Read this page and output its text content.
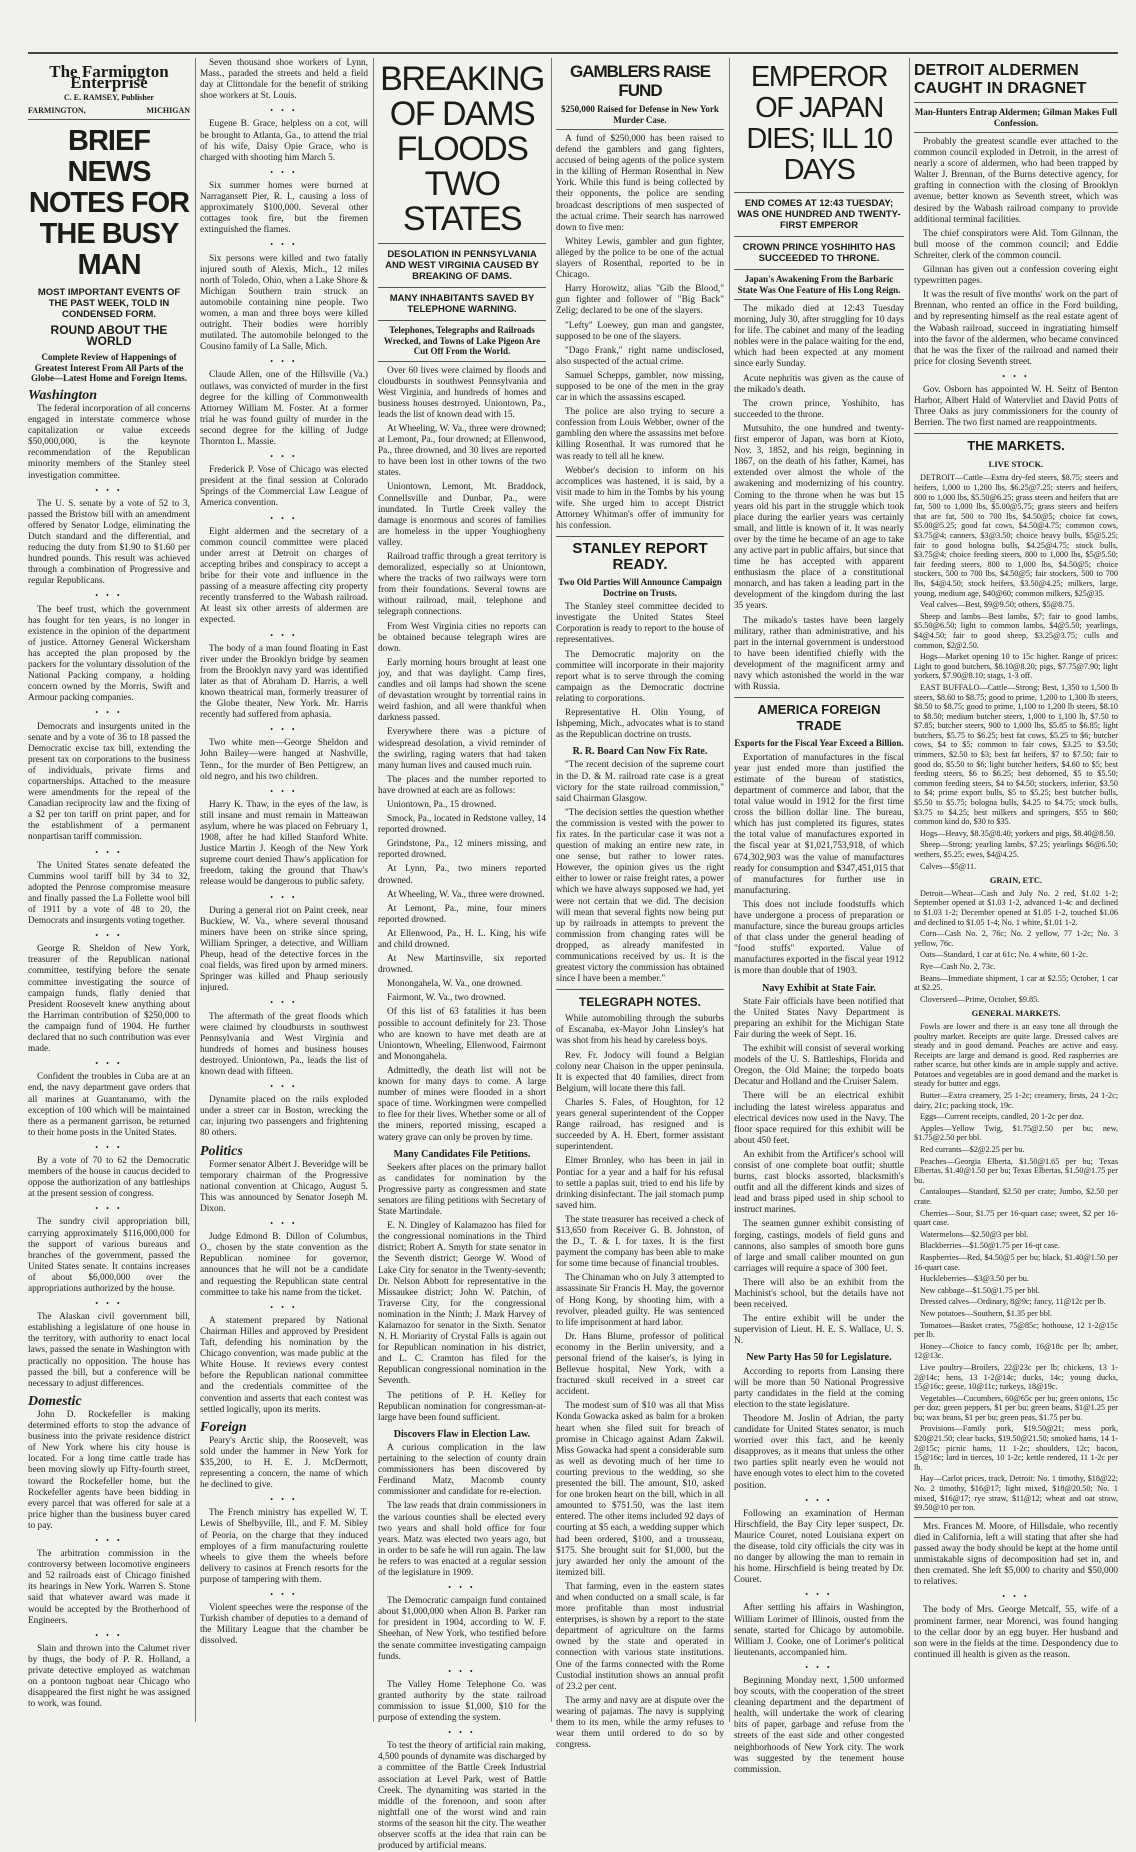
The Farmington Enterprise
C. E. RAMSEY, Publisher
FARMINGTON,	MICHIGAN
BRIEF NEWS NOTES FOR THE BUSY MAN
MOST IMPORTANT EVENTS OF THE PAST WEEK, TOLD IN CONDENSED FORM.
ROUND ABOUT THE WORLD
Complete Review of Happenings of Greatest Interest From All Parts of the Globe—Latest Home and Foreign Items.
Washington

The federal incorporation of all concerns engaged in interstate commerce whose capitalization or value exceeds $50,000,000, is the keynote recommendation of the Republican minority members of the Stanley steel investigation committee.

• • •

The U. S. senate by a vote of 52 to 3, passed the Bristow bill with an amendment offered by Senator Lodge, eliminating the Dutch standard and the differential, and reducing the duty from $1.90 to $1.60 per hundred pounds. This result was achieved through a combination of Progressive and regular Republicans.

• • •

The beef trust, which the government has fought for ten years, is no longer in existence in the opinion of the department of justice. Attorney General Wickersham has accepted the plan proposed by the packers for the voluntary dissolution of the National Packing company, a holding concern owned by the Morris, Swift and Armour packing companies.

• • •

Democrats and insurgents united in the senate and by a vote of 36 to 18 passed the Democratic excise tax bill, extending the present tax on corporations to the business of individuals, private firms and copartnerships. Attached to the measure were amendments for the repeal of the Canadian reciprocity law and the fixing of a $2 per ton tariff on print paper, and for the establishment of a permanent nonpartisan tariff commission.

• • •

The United States senate defeated the Cummins wool tariff bill by 34 to 32, adopted the Penrose compromise measure and finally passed the La Follette wool bill of 1911 by a vote of 48 to 20, the Democrats and insurgents voting together.

• • •

George R. Sheldon of New York, treasurer of the Republican national committee, testifying before the senate committee investigating the source of campaign funds, flatly denied that President Roosevelt knew anything about the Harriman contribution of $250,000 to the campaign fund of 1904. He further declared that no such contribution was ever made.

• • •

Confident the troubles in Cuba are at an end, the navy department gave orders that all marines at Guantanamo, with the exception of 100 which will be maintained there as a permanent garrison, be returned to their home posts in the United States.

• • •

By a vote of 70 to 62 the Democratic members of the house in caucus decided to oppose the authorization of any battleships at the present session of congress.

• • •

The sundry civil appropriation bill, carrying approximately $116,000,000 for the support of various bureaus and branches of the government, passed the United States senate. It contains increases of about $6,000,000 over the appropriations authorized by the house.

• • •

The Alaskan civil government bill, establishing a legislature of one house in the territory, with authority to enact local laws, passed the senate in Washington with practically no opposition. The house has passed the bill, but a conference will be necessary to adjust differences.

Domestic

John D. Rockefeller is making determined efforts to stop the advance of business into the private residence district of New York where his city house is located. For a long time cattle trade has been moving slowly up Fifty-fourth street, toward the Rockefeller home, but the Rockefeller agents have been bidding in every parcel that was offered for sale at a price higher than the business buyer cared to pay.

• • •

The arbitration commission in the controversy between locomotive engineers and 52 railroads east of Chicago finished its hearings in New York. Warren S. Stone said that whatever award was made it would be accepted by the Brotherhood of Engineers.

• • •

Slain and thrown into the Calumet river by thugs, the body of P. R. Holland, a private detective employed as watchman on a pontoon tugboat near Chicago who disappeared the first night he was assigned to work, was found.

Seven thousand shoe workers of Lynn, Mass., paraded the streets and held a field day at Clittondale for the benefit of striking shoe workers at St. Louis.

• • •

Eugene B. Grace, helpless on a cot, will be brought to Atlanta, Ga., to attend the trial of his wife, Daisy Opie Grace, who is charged with shooting him March 5.

• • •

Six summer homes were burned at Narragansett Pier, R. I., causing a loss of approximately $100,000. Several other cottages took fire, but the firemen extinguished the flames.

• • •

Six persons were killed and two fatally injured south of Alexis, Mich., 12 miles north of Toledo, Ohio, when a Lake Shore & Michigan Southern train struck an automobile containing nine people. Two women, a man and three boys were killed outright. Their bodies were horribly mutilated. The automobile belonged to the Cousino family of La Salle, Mich.

• • •

Claude Allen, one of the Hillsville (Va.) outlaws, was convicted of murder in the first degree for the killing of Commonwealth Attorney William M. Foster. At a former trial he was found guilty of murder in the second degree for the killing of Judge Thornton L. Massie.

• • •

Frederick P. Vose of Chicago was elected president at the final session at Colorado Springs of the Commercial Law League of America convention.

• • •

Eight aldermen and the secretary of a common council committee were placed under arrest at Detroit on charges of accepting bribes and conspiracy to accept a bribe for their vote and influence in the passing of a measure affecting city property recently transferred to the Wabash railroad. At least six other arrests of aldermen are expected.

• • •

The body of a man found floating in East river under the Brooklyn bridge by seamen from the Brooklyn navy yard was identified later as that of Abraham D. Harris, a well known theatrical man, formerly treasurer of the Globe theater, New York. Mr. Harris recently had suffered from aphasia.

• • •

Two white men—George Sheldon and John Bailey—were hanged at Nashville, Tenn., for the murder of Ben Pettigrew, an old negro, and his two children.

• • •

Harry K. Thaw, in the eyes of the law, is still insane and must remain in Matteawan asylum, where he was placed on February 1, 1908, after he had killed Stanford White. Justice Martin J. Keogh of the New York supreme court denied Thaw's application for freedom, taking the ground that Thaw's release would be dangerous to public safety.

• • •

During a general riot on Paint creek, near Buckiew, W. Va., where several thousand miners have been on strike since spring, William Springer, a detective, and William Pheup, head of the detective forces in the coal fields, was fired upon by armed miners. Springer was killed and Phaup seriously injured.

• • •

The aftermath of the great floods which were claimed by cloudbursts in southwest Pennsylvania and West Virginia and hundreds of homes and business houses destroyed. Uniontown, Pa., leads the list of known dead with fifteen.

• • •

Dynamite placed on the rails exploded under a street car in Boston, wrecking the car, injuring two passengers and frightening 80 others.

Politics

Former senator Albert J. Beveridge will be temporary chairman of the Progressive national convention at Chicago, August 5. This was announced by Senator Joseph M. Dixon.

• • •

Judge Edmond B. Dillon of Columbus, O., chosen by the state convention as the Republican nominee for governor, announces that he will not be a candidate and requesting the Republican state central committee to take his name from the ticket.

• • •

A statement prepared by National Chairman Hilles and approved by President Taft, defending his nomination by the Chicago convention, was made public at the White House. It reviews every contest before the Republican national committee and the credentials committee of the convention and asserts that each contest was settled logically, upon its merits.

Foreign

Peary's Arctic ship, the Roosevelt, was sold under the hammer in New York for $35,200, to H. E. J. McDermott, representing a concern, the name of which he declined to give.

• • •

The French ministry has expelled W. T. Lewis of Shelbyville, Ill., and F. M. Sibley of Peoria, on the charge that they induced employes of a firm manufacturing roulette wheels to give them the wheels before delivery to casinos at French resorts for the purpose of tampering with them.

• • •

Violent speeches were the response of the Turkish chamber of deputies to a demand of the Military League that the chamber be dissolved.

BREAKING OF DAMS FLOODS TWO STATES
DESOLATION IN PENNSYLVANIA AND WEST VIRGINIA CAUSED BY BREAKING OF DAMS.
MANY INHABITANTS SAVED BY TELEPHONE WARNING.
Telephones, Telegraphs and Railroads Wrecked, and Towns of Lake Pigeon Are Cut Off From the World.

Over 60 lives were claimed by floods and cloudbursts in southwest Pennsylvania and West Virginia, and hundreds of homes and business houses destroyed. Uniontown, Pa., leads the list of known dead with 15.

At Wheeling, W. Va., three were drowned; at Lemont, Pa., four drowned; at Ellenwood, Pa., three drowned, and 30 lives are reported to have been lost in other towns of the two states.

Uniontown, Lemont, Mt. Braddock, Connellsville and Dunbar, Pa., were inundated. In Turtle Creek valley the damage is enormous and scores of families are homeless in the upper Youghiogheny valley.

Railroad traffic through a great territory is demoralized, especially so at Uniontown, where the tracks of two railways were torn from their foundations. Several towns are without railroad, mail, telephone and telegraph connections.

From West Virginia cities no reports can be obtained because telegraph wires are down.

Early morning hours brought at least one joy, and that was daylight. Camp fires, candles and oil lamps had shown the scene of devastation wrought by torrential rains in weird fashion, and all were thankful when darkness passed.

Everywhere there was a picture of widespread desolation, a vivid reminder of the swirling, raging waters that had taken many human lives and caused much ruin.

The places and the number reported to have drowned at each are as follows:

Uniontown, Pa., 15 drowned.

Smock, Pa., located in Redstone valley, 14 reported drowned.

Grindstone, Pa., 12 miners missing, and reported drowned.

At Lynn, Pa., two miners reported drowned.

At Wheeling, W. Va., three were drowned.

At Lemont, Pa., mine, four miners reported drowned.

At Ellenwood, Pa., H. L. King, his wife and child drowned.

At New Martinsville, six reported drowned.

Monongahela, W. Va., one drowned.

Fairmont, W. Va., two drowned.

Of this list of 63 fatalities it has been possible to account definitely for 23. Those who are known to have met death are at Uniontown, Wheeling, Ellenwood, Fairmont and Monongahela.

Admittedly, the death list will not be known for many days to come. A large number of mines were flooded in a short space of time. Workingmen were compelled to flee for their lives. Whether some or all of the miners, reported missing, escaped a watery grave can only be proven by time.

Many Candidates File Petitions.

Seekers after places on the primary ballot as candidates for nomination by the Progressive party as congressmen and state senators are filing petitions with Secretary of State Martindale.

E. N. Dingley of Kalamazoo has filed for the congressional nominations in the Third district; Robert A. Smyth for state senator in the Seventh district; George W. Wood of Lake City for senator in the Twenty-seventh; Dr. Nelson Abbott for representative in the Missaukee district; John W. Patchin, of Traverse City, for the congressional nomination in the Ninth; J. Mark Harvey of Kalamazoo for senator in the Sixth. Senator N. H. Moriarity of Crystal Falls is again out for Republican nomination in his district, and L. C. Cramton has filed for the Republican congressional nomination in the Seventh.

The petitions of P. H. Kelley for Republican nomination for congressman-at-large have been found sufficient.

Discovers Flaw in Election Law.

A curious complication in the law pertaining to the selection of county drain commissioners has been discovered by Ferdinand Matz, Macomb county commissioner and candidate for re-election.

The law reads that drain commissioners in the various counties shall be elected every two years and shall hold office for four years. Matz was elected two years ago, but in order to be safe he will run again. The law he refers to was enacted at a regular session of the legislature in 1909.

• • •

The Democratic campaign fund contained about $1,000,000 when Alton B. Parker ran for president in 1904, according to W. F. Sheehan, of New York, who testified before the senate committee investigating campaign funds.

• • •

The Valley Home Telephone Co. was granted authority by the state railroad commission to issue $1,000, $10 for the purpose of extending the system.

• • •

To test the theory of artificial rain making, 4,500 pounds of dynamite was discharged by a committee of the Battle Creek Industrial association at Level Park, west of Battle Creek. The dynamiting was started in the middle of the forenoon, and soon after nightfall one of the worst wind and rain storms of the season hit the city. The weather observer scoffs at the idea that rain can be produced by artificial means.

GAMBLERS RAISE FUND
$250,000 Raised for Defense in New York Murder Case.

A fund of $250,000 has been raised to defend the gamblers and gang fighters, accused of being agents of the police system in the killing of Herman Rosenthal in New York. While this fund is being collected by their opponents, the police are sending broadcast descriptions of men suspected of the actual crime. Their search has narrowed down to five men:

Whitey Lewis, gambler and gun fighter, alleged by the police to be one of the actual slayers of Rosenthal, reported to be in Chicago.

Harry Horowitz, alias "Gib the Blood," gun fighter and follower of "Big Back" Zelig; declared to be one of the slayers.

"Lefty" Loewey, gun man and gangster, supposed to be one of the slayers.

"Dago Frank," right name undisclosed, also suspected of the actual crime.

Samuel Schepps, gambler, now missing, supposed to be one of the men in the gray car in which the assassins escaped.

The police are also trying to secure a confession from Louis Webber, owner of the gambling den where the assassins met before killing Rosenthal. It was rumored that he was ready to tell all he knew.

Webber's decision to inform on his accomplices was hastened, it is said, by a visit made to him in the Tombs by his young wife. She urged him to accept District Attorney Whitman's offer of immunity for his confession.

STANLEY REPORT READY.
Two Old Parties Will Announce Campaign Doctrine on Trusts.

The Stanley steel committee decided to investigate the United States Steel Corporation is ready to report to the house of representatives.

The Democratic majority on the committee will incorporate in their majority report what is to serve through the coming campaign as the Democratic doctrine relating to corporations.

Representative H. Olin Young, of Ishpeming, Mich., advocates what is to stand as the Republican doctrine on trusts.

R. R. Board Can Now Fix Rate.

"The recent decision of the supreme court in the D. & M. railroad rate case is a great victory for the state railroad commission," said Chairman Glasgow.

"The decision settles the question whether the commission is vested with the power to fix rates. In the particular case it was not a question of making an entire new rate, in one sense, but rather to lower rates. However, the opinion gives us the right either to lower or raise freight rates, a power which we have always supposed we had, yet were not certain that we did. The decision will mean that several fights now being put up by railroads in attempts to prevent the commission from changing rates will be dropped, as already manifested in communications received by us. It is the greatest victory the commission has obtained since I have been a member."

TELEGRAPH NOTES.

While automobiling through the suburbs of Escanaba, ex-Mayor John Linsley's hat was shot from his head by careless boys.

Rev. Fr. Jodocy will found a Belgian colony near Chaison in the upper peninsula. It is expected that 40 families, direct from Belgium, will locate there this fall.

Charles S. Fales, of Houghton, for 12 years general superintendent of the Copper Range railroad, has resigned and is succeeded by A. H. Ebert, former assistant superintendent.

Elmer Bronley, who has been in jail in Pontiac for a year and a half for his refusal to settle a paplas suit, tried to end his life by drinking disinfectant. The jail stomach pump saved him.

The state treasurer has received a check of $13,650 from Receiver G. B. Johnston, of the D., T. & I. for taxes. It is the first payment the company has been able to make for some time because of financial troubles.

The Chinaman who on July 3 attempted to assassinate Sir Francis H. May, the governor of Hong Kong, by shooting him, with a revolver, pleaded guilty. He was sentenced to life imprisonment at hard labor.

Dr. Hans Blume, professor of political economy in the Berlin university, and a personal friend of the kaiser's, is lying in Bellevue hospital, New York, with a fractured skull received in a street car accident.

The modest sum of $10 was all that Miss Konda Gowacka asked as balm for a broken heart when she filed suit for breach of promise in Chicago against Adam Zakwil. Miss Gowacka had spent a considerable sum as well as devoting much of her time to courting previous to the wedding, so she presented the bill. The amount, $10, asked for one broken heart on the bill, which in all amounted to $751.50, was the last item entered. The other items included 92 days of courting at $5 each, a wedding supper which had been ordered, $100, and a trousseau, $175. She brought suit for $1,000, but the jury awarded her only the amount of the itemized bill.

That farming, even in the eastern states and when conducted on a small scale, is far more profitable than most industrial enterprises, is shown by a report to the state department of agriculture on the farms owned by the state and operated in connection with various state institutions. One of the farms connected with the Rome Custodial institution shows an annual profit of 23.2 per cent.

The army and navy are at dispute over the wearing of pajamas. The navy is supplying them to its men, while the army refuses to wear them until ordered to do so by congress.

EMPEROR OF JAPAN DIES; ILL 10 DAYS
END COMES AT 12:43 TUESDAY; WAS ONE HUNDRED AND TWENTY-FIRST EMPEROR
CROWN PRINCE YOSHIHITO HAS SUCCEEDED TO THRONE.
Japan's Awakening From the Barbaric State Was One Feature of His Long Reign.

The mikado died at 12:43 Tuesday morning, July 30, after struggling for 10 days for life. The cabinet and many of the leading nobles were in the palace waiting for the end, which had been expected at any moment since early Sunday.

Acute nephritis was given as the cause of the mikado's death.

The crown prince, Yoshihito, has succeeded to the throne.

Mutsuhito, the one hundred and twenty-first emperor of Japan, was born at Kioto, Nov. 3, 1852, and his reign, beginning in 1867, on the death of his father, Kamei, has extended over almost the whole of the awakening and modernizing of his country. Coming to the throne when he was but 15 years old his part in the struggle which took place during the earlier years was certainly small, and little is known of it. It was nearly over by the time he became of an age to take any active part in public affairs, but since that time he has accepted with apparent enthusiasm the place of a constitutional monarch, and has taken a leading part in the development of the kingdom during the last 35 years.

The mikado's tastes have been largely military, rather than administrative, and his part in the internal government is understood to have been identified chiefly with the development of the magnificent army and navy which astonished the world in the war with Russia.

AMERICA FOREIGN TRADE
Exports for the Fiscal Year Exceed a Billion.

Exportation of manufactures in the fiscal year just ended more than justified the estimate of the bureau of statistics, department of commerce and labor, that the total value would in 1912 for the first time cross the billion dollar line. The bureau, which has just completed its figures, states the total value of manufactures exported in the fiscal year at $1,021,753,918, of which 674,302,903 was the value of manufactures ready for consumption and $347,451,015 that of manufactures for further use in manufacturing.

This does not include foodstuffs which have undergone a process of preparation or manufacture, since the bureau groups articles of that class under the general heading of "food stuffs" exported. Value of manufactures exported in the fiscal year 1912 is more than double that of 1903.

Navy Exhibit at State Fair.

State Fair officials have been notified that the United States Navy Department is preparing an exhibit for the Michigan State Fair during the week of Sept. 16.

The exhibit will consist of several working models of the U. S. Battleships, Florida and Oregon, the Old Maine; the torpedo boats Decatur and Holland and the Cruiser Salem.

There will be an electrical exhibit including the latest wireless apparatus and electrical devices now used in the Navy. The floor space required for this exhibit will be about 450 feet.

An exhibit from the Artificer's school will consist of one complete boat outfit; shuttle burns, cast blocks assorted, blacksmith's outfit and all the different kinds and sizes of lead and brass piped used in ship school to instruct marines.

The seamen gunner exhibit consisting of forging, castings, models of field guns and cannons, also samples of smooth bore guns of large and small caliber mounted on gun carriages will require a space of 300 feet.

There will also be an exhibit from the Machinist's school, but the details have not been received.

The entire exhibit will be under the supervision of Lieut. H. E. S. Wallace, U. S. N.

New Party Has 50 for Legislature.

According to reports from Lansing there will be more than 50 National Progressive party candidates in the field at the coming election to the state legislature.

Theodore M. Joslin of Adrian, the party candidate for United States senator, is much worried over this fact, and he keenly disapproves, as it means that unless the other two parties split nearly even he would not have enough votes to elect him to the coveted position.

• • •

Following an examination of Herman Hirschfield, the Bay City leper suspect, Dr. Maurice Couret, noted Louisiana expert on the disease, told city officials the city was in no danger by allowing the man to remain in his home. Hirschfield is being treated by Dr. Couret.

• • •

After settling his affairs in Washington, William Lorimer of Illinois, ousted from the senate, started for Chicago by automobile. William J. Cooke, one of Lorimer's political lieutenants, accompanied him.

• • •

Beginning Monday next, 1,500 unformed boy scouts, with the cooperation of the street cleaning department and the department of health, will undertake the work of clearing bits of paper, garbage and refuse from the streets of the east side and other congested neighborhoods of New York city. The work was suggested by the tenement house commission.

DETROIT ALDERMEN CAUGHT IN DRAGNET
Man-Hunters Entrap Aldermen; Gilman Makes Full Confession.

Probably the greatest scandle ever attached to the common council exploded in Detroit, in the arrest of nearly a score of aldermen, who had been trapped by Walter J. Brennan, of the Burns detective agency, for grafting in connection with the closing of Brooklyn avenue, better known as Seventh street, which was desired by the Wabash railroad company to provide additional terminal facilities.

The chief conspirators were Ald. Tom Gilnnan, the bull moose of the common council; and Eddie Schreiter, clerk of the common council.

Gilnnan has given out a confession covering eight typewritten pages.

It was the result of five months' work on the part of Brennan, who rented an office in the Ford building, and by representing himself as the real estate agent of the Wabash railroad, succeed in ingratiating himself into the favor of the aldermen, who became convinced that he was the fixer of the railroad and named their price for closing Seventh street.

• • •

Gov. Osborn has appointed W. H. Seitz of Benton Harbor, Albert Hald of Watervliet and David Potts of Three Oaks as jury commissioners for the county of Berrien. The two first named are reappointments.

THE MARKETS.
LIVE STOCK.

DETROIT—Cattle—Extra dry-fed steers, $8.75; steers and heifers, 1,000 to 1,200 lbs, $6.25@7.25; steers and heifers, 800 to 1,000 lbs, $5.50@6.25; grass steers and heifers that are fat, 500 to 1,000 lbs, $5.00@5.75; grass steers and heifers that are fat, 500 to 700 lbs, $4.50@5; choice fat cows, $5.00@5.25; good fat cows, $4.50@4.75; common cows, $3.75@4; canners, $3@3.50; choice heavy bulls, $5@5.25; fair to good bologna bulls, $4.25@4.75; stock bulls, $3.75@4; choice feeding steers, 800 to 1,000 lbs, $5@5.50; fair feeding steers, 800 to 1,000 lbs, $4.50@5; choice stockers, 500 to 700 lbs, $4.50@5; fair stockers, 500 to 700 lbs, $4@4.50; stock heifers, $3.50@4.25; milkers, large, young, medium age, $40@60; common milkers, $25@35.

Veal calves—Best, $9@9.50; others, $5@8.75.

Sheep and lambs—Best lambs, $7; fair to good lambs, $5.50@6.50; light to common lambs, $4@5.50; yearlings, $4@4.50; fair to good sheep, $3.25@3.75; culls and common, $2@2.50.

Hogs—Market opening 10 to 15c higher. Range of prices: Light to good butchers, $8.10@8.20; pigs, $7.75@7.90; light yorkers, $7.90@8.10; stags, 1-3 off.

EAST BUFFALO—Cattle—Strong; Best, 1,350 to 1,500 lb steers, $8.60 to $8.75; good to prime, 1,200 to 1,300 lb steers, $8.50 to $8.75; good to prime, 1,100 to 1,200 lb steers, $8.10 to $8.50; medium butcher steers, 1,000 to 1,100 lb, $7.50 to $7.85; butcher steers, 900 to 1,000 lbs, $5.85 to $6.85; light butchers, $5.75 to $6.25; best fat cows, $5.25 to $6; butcher cows, $4 to $5; common to fair cows, $3.25 to $3.50; trimmers, $2.50 to $3; best fat heifers, $7 to $7.50; fair to good do, $5.50 to $6; light butcher heifers, $4.60 to $5; best feeding steers, $6 to $6.25; best dehorned, $5 to $5.50; common feeding steers, $4 to $4.50; stockers, inferior, $3.50 to $4; prime export bulls, $5 to $5.25; best butcher bulls, $5.50 to $5.75; bologna bulls, $4.25 to $4.75; stock bulls, $3.75 to $4.25; best milkers and springers, $55 to $60; common kind do, $30 to $35.

Hogs—Heavy, $8.35@8.40; yorkers and pigs, $8.40@8.50.

Sheep—Strong; yearling lambs, $7.25; yearlings $6@6.50; wethers, $5.25; ewes, $4@4.25.

Calves—$5@11.

GRAIN, ETC.

Detroit—Wheat—Cash and July No. 2 red, $1.02 1-2; September opened at $1.03 1-2, advanced 1-4c and declined to $1.03 1-2; December opened at $1.05 1-2, touched $1.06 and declined to $1.05 1-4; No. 1 white, $1.01 1-2.

Corn—Cash No. 2, 76c; No. 2 yellow, 77 1-2c; No. 3 yellow, 76c.

Oats—Standard, 1 car at 61c; No. 4 white, 60 1-2c.

Rye—Cash No. 2, 73c.

Beans—Immediate shipment, 1 car at $2.55; October, 1 car at $2.25.

Cloverseed—Prime, October, $9.85.

GENERAL MARKETS.

Fowls are lower and there is an easy tone all through the poultry market. Receipts are quite large. Dressed calves are steady and in good demand. Peaches are active and easy. Receipts are large and demand is good. Red raspberries are rather scarce, but other kinds are in ample supply and active. Potatoes and vegetables are in good demand and the market is steady for butter and eggs.

Butter—Extra creamery, 25 1-2c; creamery, firsts, 24 1-2c; dairy, 21c; packing stock, 19c.

Eggs—Current receipts, candled, 20 1-2c per doz.

Apples—Yellow Twig, $1.75@2.50 per bu; new, $1.75@2.50 per bbl.

Red currants—$2@2.25 per bu.

Peaches—Georgia Elberta, $1.50@1.65 per bu; Texas Elbertas, $1.40@1.50 per bu; Texas Elbertas, $1.50@1.75 per bu.

Cantaloupes—Standard, $2.50 per crate; Jumbo, $2.50 per crate.

Cherries—Sour, $1.75 per 16-quart case; sweet, $2 per 16-quart case.

Watermelons—$2.50@3 per bbl.

Blackberries—$1.50@1.75 per 16-qt case.

Raspberries—Red, $4.50@5 per bu; black, $1.40@1.50 per 16-quart case.

Huckleberries—$3@3.50 per bu.

New cabbage—$1.50@1.75 per bbl.

Dressed calves—Ordinary, 8@9c; fancy, 11@12c per lb.

New potatoes—Southern, $1.35 per bbl.

Tomatoes—Basket crates, 75@85c; hothouse, 12 1-2@15c per lb.

Honey—Choice to fancy comb, 16@18c per lb; amber, 12@13c.

Live poultry—Broilers, 22@23c per lb; chickens, 13 1-2@14c; hens, 13 1-2@14c; ducks, 14c; young ducks, 15@16c; geese, 10@11c; turkeys, 18@19c.

Vegetables—Cucumbers, 60@65c per bu; green onions, 15c per doz; green peppers, $1 per bu; green beans, $1@1.25 per bu; wax beans, $1 per bu; green peas, $1.75 per bu.

Provisions—Family pork, $19.50@21; mess pork, $20@21.50; clear backs, $19.50@21.50; smoked hams, 14 1-2@15c; picnic hams, 11 1-2c; shoulders, 12c; bacon, 15@16c; lard in tierces, 10 1-2c; kettle rendered, 11 1-2c per lb.

Hay—Carlot prices, track, Detroit: No. 1 timothy, $18@22; No. 2 timothy, $16@17; light mixed, $18@20.50; No. 1 mixed, $16@17; rye straw, $11@12; wheat and oat straw, $9.50@10 per ton.

Mrs. Frances M. Moore, of Hillsdale, who recently died in California, left a will stating that after she had passed away the body should be kept at the home until unmistakable signs of decomposition had set in, and then cremated. She left $5,000 to charity and $50,000 to relatives.

• • •

The body of Mrs. George Metcalf, 55, wife of a prominent farmer, near Morenci, was found hanging to the cellar door by an egg buyer. Her husband and son were in the fields at the time. Despondency due to continued ill health is given as the reason.
